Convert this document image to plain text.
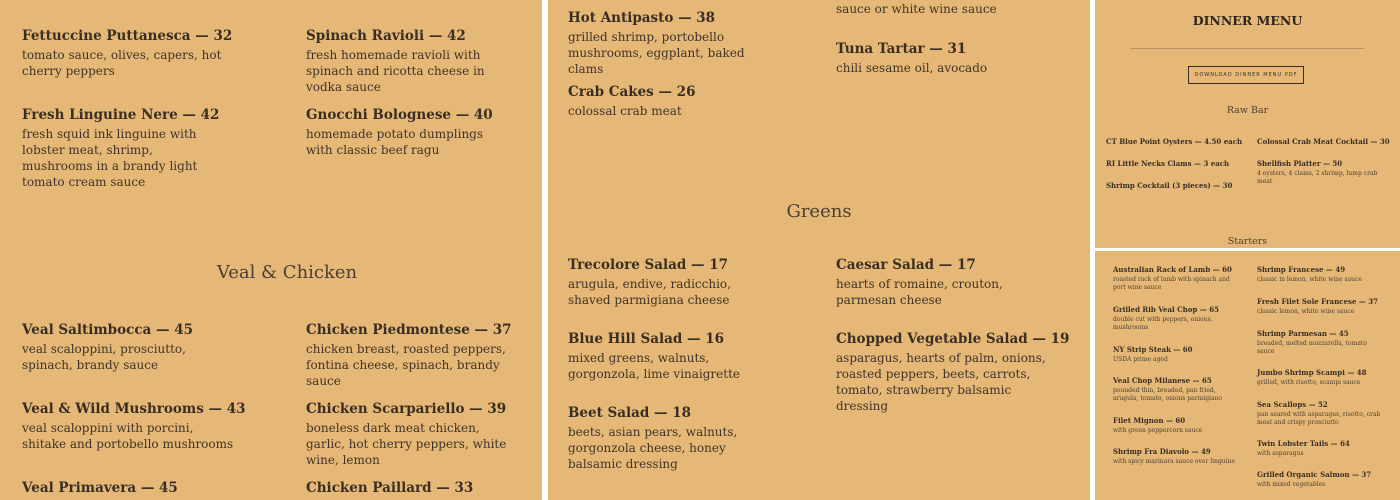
Fettuccine Puttanesca — 32
tomato sauce, olives, capers, hot cherry peppers
Spinach Ravioli — 42
fresh homemade ravioli with spinach and ricotta cheese in vodka sauce
Fresh Linguine Nere — 42
fresh squid ink linguine with lobster meat, shrimp, mushrooms in a brandy light tomato cream sauce
Gnocchi Bolognese — 40
homemade potato dumplings with classic beef ragu
Veal & Chicken
Veal Saltimbocca — 45
veal scaloppini, prosciutto, spinach, brandy sauce
Chicken Piedmontese — 37
chicken breast, roasted peppers, fontina cheese, spinach, brandy sauce
Veal & Wild Mushrooms — 43
veal scaloppini with porcini, shitake and portobello mushrooms
Chicken Scarpariello — 39
boneless dark meat chicken, garlic, hot cherry peppers, white wine, lemon
Veal Primavera — 45	Chicken Paillard — 33
Hot Antipasto — 38
grilled shrimp, portobello mushrooms, eggplant, baked clams
sauce or white wine sauce
Tuna Tartar — 31
chili sesame oil, avocado
Crab Cakes — 26
colossal crab meat
Greens
Trecolore Salad — 17
arugula, endive, radicchio, shaved parmigiana cheese
Caesar Salad — 17
hearts of romaine, crouton, parmesan cheese
Blue Hill Salad — 16
mixed greens, walnuts, gorgonzola, lime vinaigrette
Chopped Vegetable Salad — 19
asparagus, hearts of palm, onions, roasted peppers, beets, carrots, tomato, strawberry balsamic dressing
Beet Salad — 18
beets, asian pears, walnuts, gorgonzola cheese, honey balsamic dressing
DINNER MENU
DOWNLOAD DINNER MENU PDF
Raw Bar
CT Blue Point Oysters — 4.50 each	Colossal Crab Meat Cocktail — 30
RI Little Necks Clams — 3 each	Shellfish Platter — 50
4 oysters, 4 clams, 2 shrimp, lump crab meat
Shrimp Cocktail (3 pieces) — 30
Starters
Australian Rack of Lamb — 60
roasted rack of lamb with spinach and port wine sauce
Shrimp Francese — 49
classic in lemon, white wine sauce
Grilled Rib Veal Chop — 65
double cut with peppers, onions, mushrooms
Fresh Filet Sole Francese — 37
classic lemon, white wine sauce
NY Strip Steak — 60
USDA prime aged
Shrimp Parmesan — 45
breaded, melted mozzarella, tomato sauce
Veal Chop Milanese — 65
pounded thin, breaded, pan fried, arugula, tomato, onions parmigiano
Jumbo Shrimp Scampi — 48
grilled, with risotto, scampi sauce
Filet Mignon — 60
with green peppercorn sauce
Sea Scallops — 52
pan seared with asparagus, risotto, crab meat and crispy prosciutto
Shrimp Fra Diavolo — 49
with spicy marinara sauce over linguine
Twin Lobster Tails — 64
with asparagus
Grilled Organic Salmon — 37
with mixed vegetables
